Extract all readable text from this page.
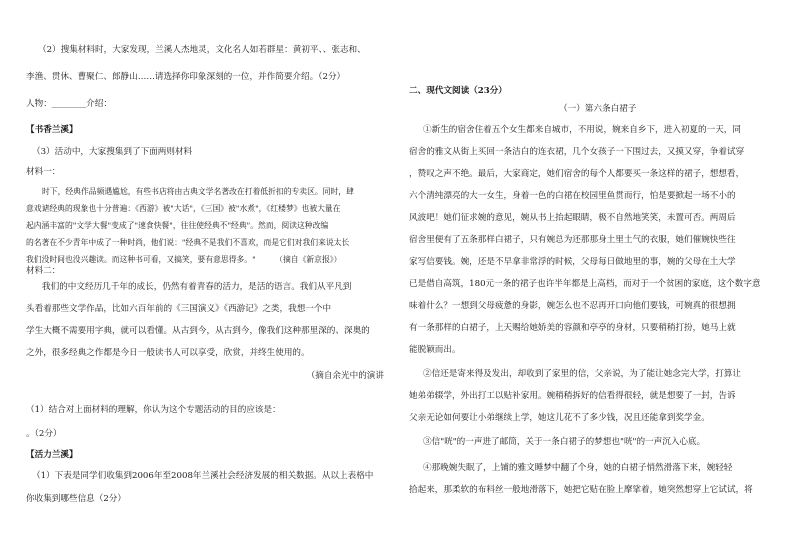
（2）搜集材料时，大家发现，兰溪人杰地灵，文化名人如若群星：黄初平、、张志和、
李渔、贯休、曹聚仁、郎静山……请选择你印象深刻的一位，并作简要介绍。（2分）
人物：________介绍：
【书香兰溪】
（3）活动中，大家搜集到了下面两则材料
材料一：
时下，经典作品频遇尴尬，有些书店将由古典文学名著改在打着低折扣的专卖区。同时，肆
意戏谑经典的现象也十分普遍：《西游》被"大话"，《三国》被"水煮"，《红楼梦》也被大量在
起内涵丰富的"文学大餐"变成了"速食快餐"，往往使经典不"经典"。然而，阅读这种改编
的名著在不少青年中成了一种时尚，他们说："经典不是我们不喜欢，而是它们对我们来说太长
我们没时间也没兴趣读。而这种书可看，又搞笑，要有意思得多。"　　　（摘自《新京报》）
材料二：
我们的中文经历几千年的成长，仍然有着青春的活力，是活的语言。我们从平凡到
头看着那些文学作品，比如六百年前的《三国演义》《西游记》之类，我想一个中
学生大概不需要用字典，就可以看懂。从古到今，从古到今，像我们这种那里深的、深奥的
之外，很多经典之作都是今日一般读书人可以享受，欣赏，并终生使用的。
（摘自余光中的演讲
（1）结合对上面材料的理解，你认为这个专题活动的目的应该是：
。（2分）
【活力兰溪】
（1）下表是同学们收集到2006年至2008年兰溪社会经济发展的相关数据。从以上表格中
你收集到哪些信息（2分）
二、现代文阅读（23分）
（一）第六条白裙子
①新生的宿舍住着五个女生都来自城市，不用说，婉来自乡下，进入初夏的一天，同
宿舍的雅文从街上买回一条洁白的连衣裙，几个女孩子一下围过去，又摸又穿，争着试穿
，赞叹之声不绝。最后，大家商定，她们宿舍的每个人都要买一条这样的裙子，想想看，
六个清纯漂亮的大一女生，身着一色的白裙在校园里鱼贯而行，怕是要掀起一场不小的
风波吧！她们征求婉的意见，婉从书上抬起眼睛，极不自然地笑笑，未置可否。两周后
宿舍里便有了五条那样白裙子，只有婉总为还那那身土里土气的衣服，她们催婉快些往
家写信要钱。婉，还是不早拿非常浮的时候，父母每日做地里的事，婉的父母在土大学
已是借自高筑，180元一条的裙子也许半年都是上高档，而对于一个贫困的家庭，这个数字意
味着什么？一想到父母疲惫的身影，婉怎么也不忍再开口向他们要钱，可婉真的很想拥
有一条那样的白裙子，上天赐给她娇美的容颜和亭亭的身材，只要稍稍打扮，她马上就
能脱颖而出。
②信还是寄来得及发出，却收到了家里的信，父亲说，为了能让她念完大学，打算让
她弟弟辍学，外出打工以贴补家用。婉稍稍拆好的信看得很轻，就是想要了一封，告诉
父亲无论如何要让小弟继续上学，她这儿花不了多少钱，况且还能拿到奖学金。
③信"咣"的一声进了邮筒，关于一条白裙子的梦想也"咣"的一声沉入心底。
④那晚婉失眠了，上铺的雅文睡梦中翻了个身，她的白裙子悄然滑落下来，婉轻轻
拾起来，那柔软的布料丝一般地滑落下，她把它贴在脸上摩挲着，她突然想穿上它试试，将
